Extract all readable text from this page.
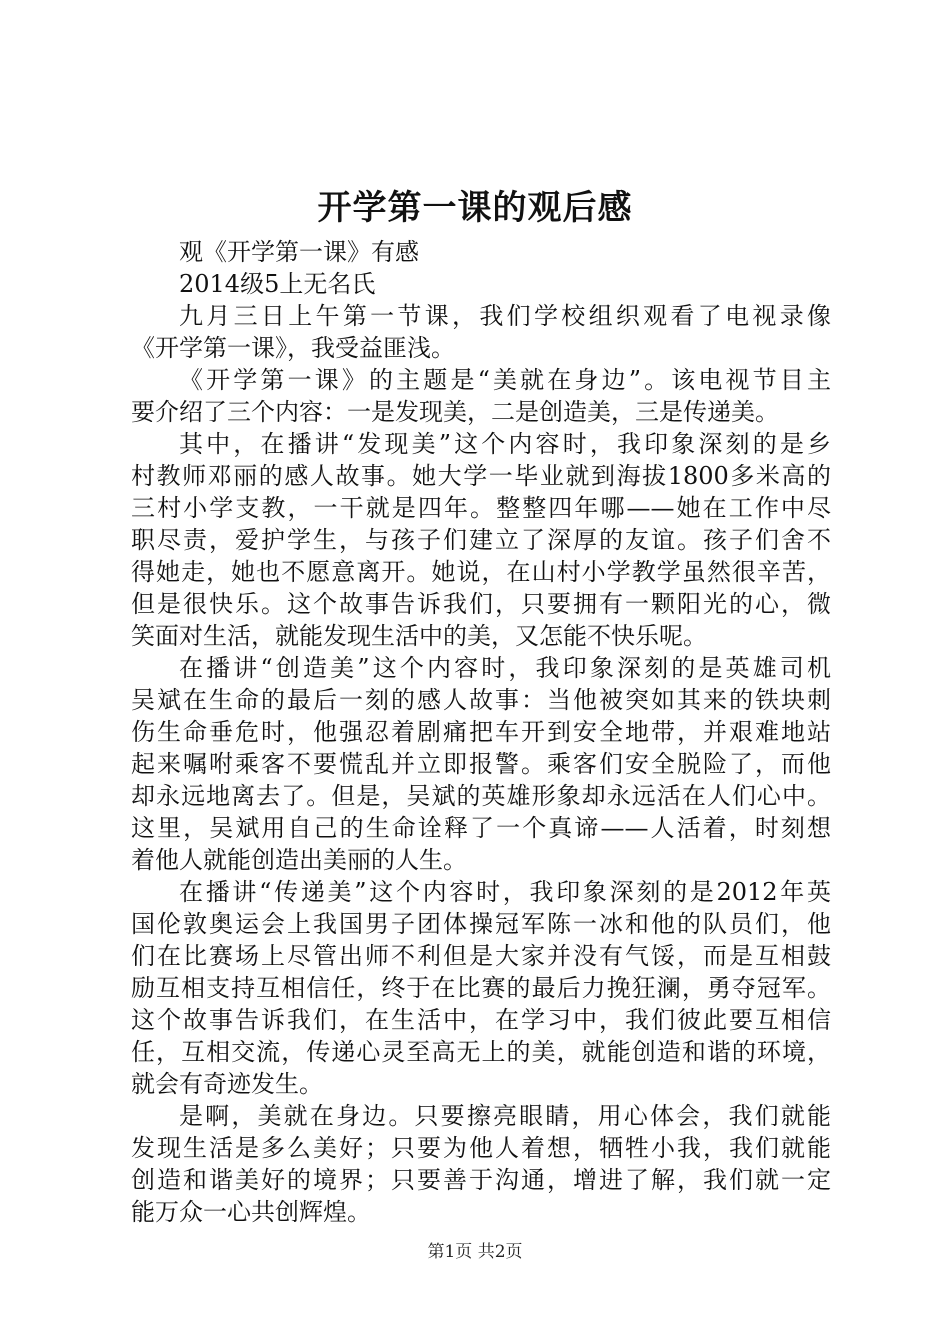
开学第一课的观后感
观《开学第一课》有感
2014级5上无名氏
九月三日上午第一节课，我们学校组织观看了电视录像
《开学第一课》，我受益匪浅。
《开学第一课》的主题是“美就在身边”。该电视节目主
要介绍了三个内容：一是发现美，二是创造美，三是传递美。
其中，在播讲“发现美”这个内容时，我印象深刻的是乡
村教师邓丽的感人故事。她大学一毕业就到海拔1800多米高的
三村小学支教，一干就是四年。整整四年哪——她在工作中尽
职尽责，爱护学生，与孩子们建立了深厚的友谊。孩子们舍不
得她走，她也不愿意离开。她说，在山村小学教学虽然很辛苦，
但是很快乐。这个故事告诉我们，只要拥有一颗阳光的心，微
笑面对生活，就能发现生活中的美，又怎能不快乐呢。
在播讲“创造美”这个内容时，我印象深刻的是英雄司机
吴斌在生命的最后一刻的感人故事：当他被突如其来的铁块刺
伤生命垂危时，他强忍着剧痛把车开到安全地带，并艰难地站
起来嘱咐乘客不要慌乱并立即报警。乘客们安全脱险了，而他
却永远地离去了。但是，吴斌的英雄形象却永远活在人们心中。
这里，吴斌用自己的生命诠释了一个真谛——人活着，时刻想
着他人就能创造出美丽的人生。
在播讲“传递美”这个内容时，我印象深刻的是2012年英
国伦敦奥运会上我国男子团体操冠军陈一冰和他的队员们，他
们在比赛场上尽管出师不利但是大家并没有气馁，而是互相鼓
励互相支持互相信任，终于在比赛的最后力挽狂澜，勇夺冠军。
这个故事告诉我们，在生活中，在学习中，我们彼此要互相信
任，互相交流，传递心灵至高无上的美，就能创造和谐的环境，
就会有奇迹发生。
是啊，美就在身边。只要擦亮眼睛，用心体会，我们就能
发现生活是多么美好；只要为他人着想，牺牲小我，我们就能
创造和谐美好的境界；只要善于沟通，增进了解，我们就一定
能万众一心共创辉煌。
第1页 共2页
